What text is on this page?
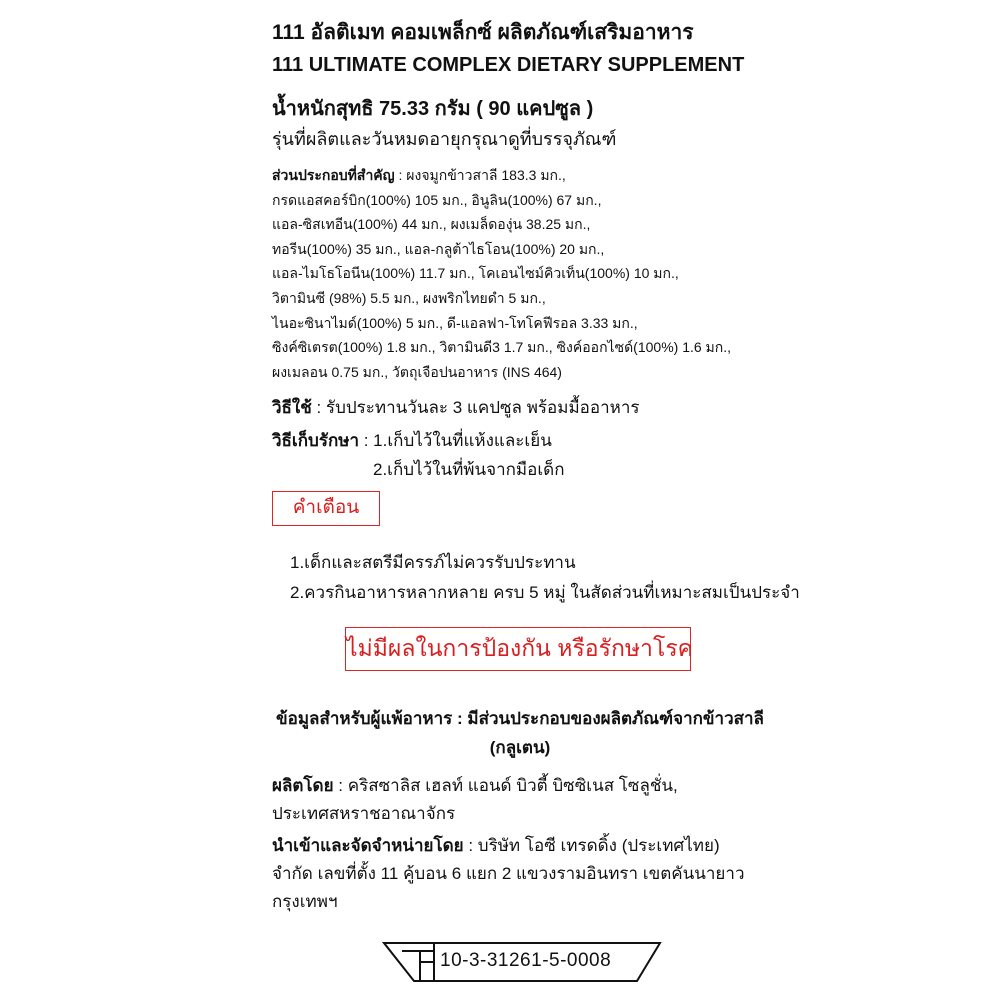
111 อัลติเมท คอมเพล็กซ์ ผลิตภัณฑ์เสริมอาหาร
111 ULTIMATE COMPLEX DIETARY SUPPLEMENT
น้ำหนักสุทธิ 75.33 กรัม ( 90 แคปซูล )
รุ่นที่ผลิตและวันหมดอายุกรุณาดูที่บรรจุภัณฑ์
ส่วนประกอบที่สำคัญ : ผงจมูกข้าวสาลี 183.3 มก.,
กรดแอสคอร์บิก(100%) 105 มก., อินูลิน(100%) 67 มก.,
แอล-ซิสเทอีน(100%) 44 มก., ผงเมล็ดองุ่น 38.25 มก.,
ทอรีน(100%) 35 มก., แอล-กลูต้าไธโอน(100%) 20 มก.,
แอล-ไมโธโอนีน(100%) 11.7 มก., โคเอนไซม์คิวเท็น(100%) 10 มก.,
วิตามินซี (98%) 5.5 มก., ผงพริกไทยดำ 5 มก.,
ไนอะซินาไมด์(100%) 5 มก., ดี-แอลฟา-โทโคฟีรอล 3.33 มก.,
ซิงค์ซิเตรต(100%) 1.8 มก., วิตามินดี3 1.7 มก., ซิงค์ออกไซด์(100%) 1.6 มก.,
ผงเมลอน 0.75 มก., วัตถุเจือปนอาหาร (INS 464)
วิธีใช้ : รับประทานวันละ 3 แคปซูล พร้อมมื้ออาหาร
วิธีเก็บรักษา : 1.เก็บไว้ในที่แห้งและเย็น
2.เก็บไว้ในที่พ้นจากมือเด็ก
คำเตือน
1.เด็กและสตรีมีครรภ์ไม่ควรรับประทาน
2.ควรกินอาหารหลากหลาย ครบ 5 หมู่ ในสัดส่วนที่เหมาะสมเป็นประจำ
ไม่มีผลในการป้องกัน หรือรักษาโรค
ข้อมูลสำหรับผู้แพ้อาหาร : มีส่วนประกอบของผลิตภัณฑ์จากข้าวสาลี
(กลูเตน)
ผลิตโดย : คริสซาลิส เฮลท์ แอนด์ บิวตี้ บิซซิเนส โซลูชั่น,
ประเทศสหราชอาณาจักร
นำเข้าและจัดจำหน่ายโดย : บริษัท โอซี เทรดดิ้ง (ประเทศไทย)
จำกัด เลขที่ตั้ง 11 คู้บอน 6 แยก 2 แขวงรามอินทรา เขตคันนายาว
กรุงเทพฯ
10-3-31261-5-0008
